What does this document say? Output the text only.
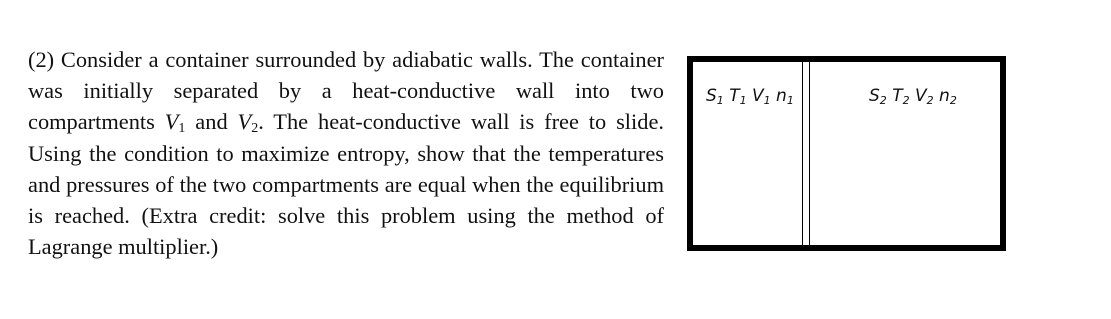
(2) Consider a container surrounded by adiabatic walls. The container was initially separated by a heat-conductive wall into two compartments $V_1$ and $V_2$. The heat-conductive wall is free to slide. Using the condition to maximize entropy, show that the temperatures and pressures of the two compartments are equal when the equilibrium is reached. (Extra credit: solve this problem using the method of Lagrange multiplier.)

$S_1$ $T_1$ $V_1$ $n_1$	$S_2$ $T_2$ $V_2$ $n_2$
